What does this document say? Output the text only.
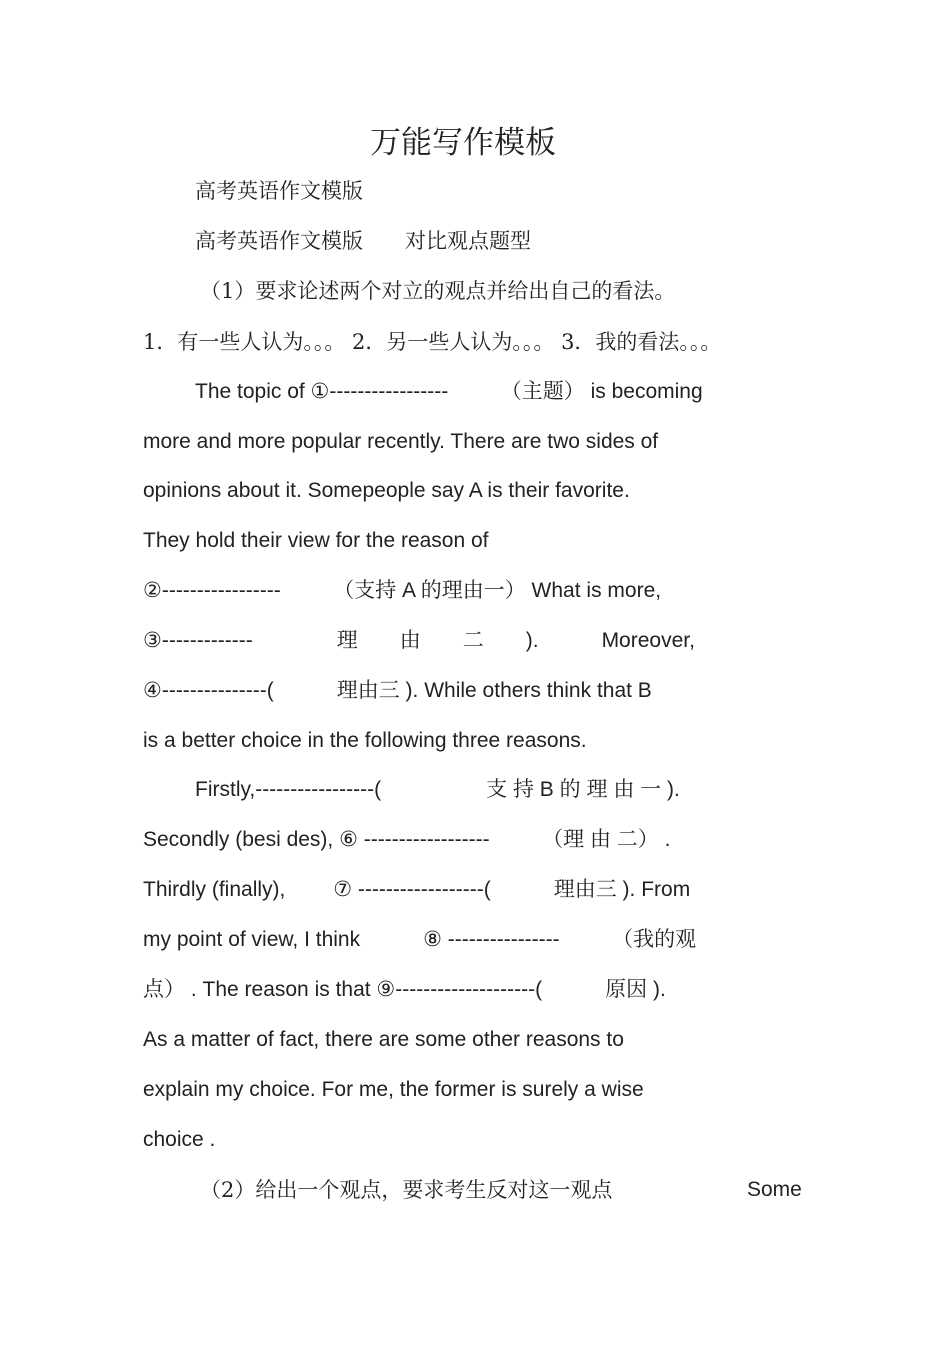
万能写作模板
高考英语作文模版
高考英语作文模版　　对比观点题型
（1）要求论述两个对立的观点并给出自己的看法。
1．有一些人认为。。。 2．另一些人认为。。。 3．我的看法。。。
The topic of ①-----------------　　　（主题） is becoming
more and more popular recently. There are two sides of
opinions about it. Somepeople say A is their favorite.
They hold their view for the reason of
②-----------------　　　（支持 A 的理由一） What is more,
③-------------　　　　理　　由　　二　　).　　　Moreover,
④---------------(　　　理由三 ). While others think that B
is a better choice in the following three reasons.
Firstly,-----------------(　　　　　支 持 B 的 理 由 一 ).
Secondly (besi des), ⑥ ------------------　　　（理 由 二） .
Thirdly (finally),　　 ⑦ ------------------(　　　理由三 ). From
my point of view, I think　　　⑧ ----------------　　　（我的观
点） . The reason is that ⑨--------------------(　　　原因 ).
As a matter of fact, there are some other reasons to
explain my choice. For me, the former is surely a wise
choice .
（2）给出一个观点，要求考生反对这一观点	Some
